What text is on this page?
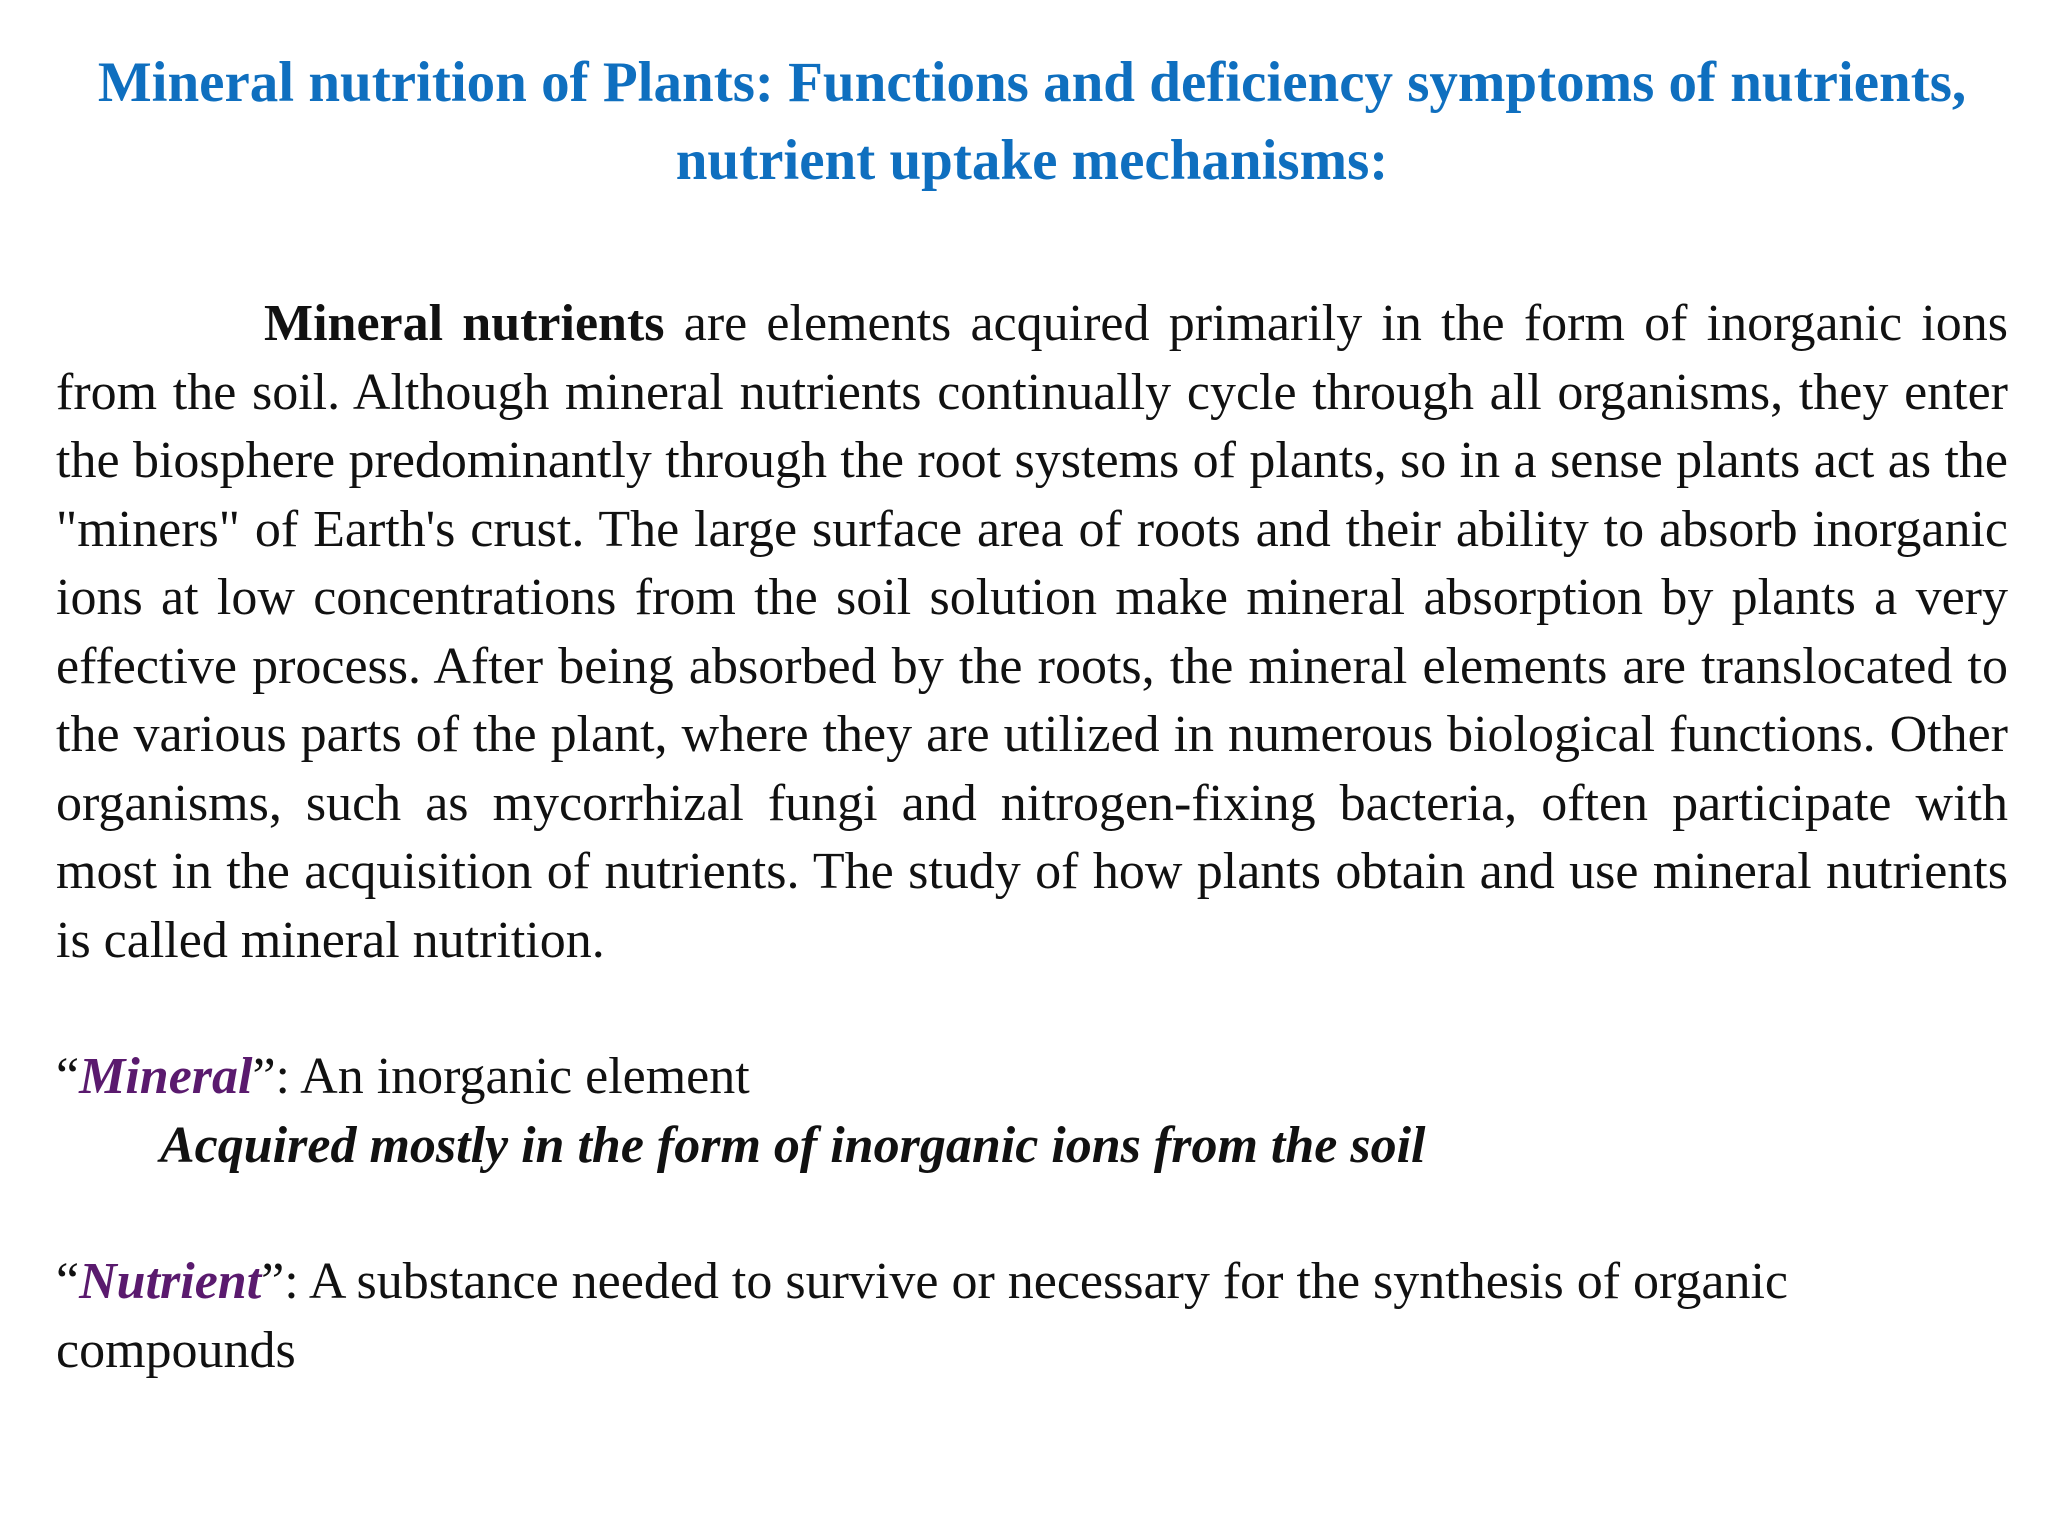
Mineral nutrition of Plants: Functions and deficiency symptoms of nutrients, nutrient uptake mechanisms:

Mineral nutrients are elements acquired primarily in the form of inorganic ions from the soil. Although mineral nutrients continually cycle through all organisms, they enter the biosphere predominantly through the root systems of plants, so in a sense plants act as the "miners" of Earth's crust. The large surface area of roots and their ability to absorb inorganic ions at low concentrations from the soil solution make mineral absorption by plants a very effective process. After being absorbed by the roots, the mineral elements are translocated to the various parts of the plant, where they are utilized in numerous biological functions. Other organisms, such as mycorrhizal fungi and nitrogen-fixing bacteria, often participate with most in the acquisition of nutrients. The study of how plants obtain and use mineral nutrients is called mineral nutrition.

“Mineral”: An inorganic element

Acquired mostly in the form of inorganic ions from the soil

“Nutrient”: A substance needed to survive or necessary for the synthesis of organic compounds
